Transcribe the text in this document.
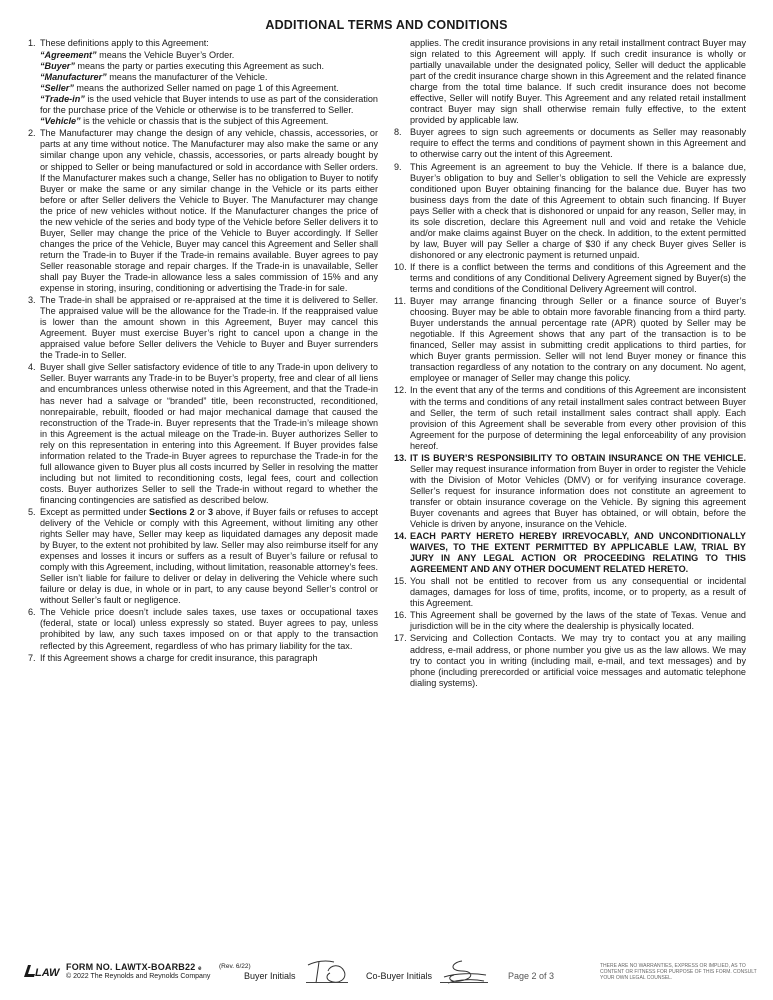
ADDITIONAL TERMS AND CONDITIONS
1. These definitions apply to this Agreement:
“Agreement” means the Vehicle Buyer’s Order.
“Buyer” means the party or parties executing this Agreement as such.
“Manufacturer” means the manufacturer of the Vehicle.
“Seller” means the authorized Seller named on page 1 of this Agreement.
“Trade-in” is the used vehicle that Buyer intends to use as part of the consideration for the purchase price of the Vehicle or otherwise is to be transferred to Seller.
“Vehicle” is the vehicle or chassis that is the subject of this Agreement.
2. The Manufacturer may change the design of any vehicle, chassis, accessories, or parts at any time without notice. The Manufacturer may also make the same or any similar change upon any vehicle, chassis, accessories, or parts already bought by or shipped to Seller or being manufactured or sold in accordance with Seller orders. If the Manufacturer makes such a change, Seller has no obligation to Buyer to notify Buyer or make the same or any similar change in the Vehicle or its parts either before or after Seller delivers the Vehicle to Buyer. The Manufacturer may change the price of new vehicles without notice. If the Manufacturer changes the price of the new vehicle of the series and body type of the Vehicle before Seller delivers it to Buyer, Seller may change the price of the Vehicle to Buyer accordingly. If Seller changes the price of the Vehicle, Buyer may cancel this Agreement and Seller shall return the Trade-in to Buyer if the Trade-in remains available. Buyer agrees to pay Seller reasonable storage and repair charges. If the Trade-in is unavailable, Seller shall pay Buyer the Trade-in allowance less a sales commission of 15% and any expense in storing, insuring, conditioning or advertising the Trade-in for sale.
3. The Trade-in shall be appraised or re-appraised at the time it is delivered to Seller. The appraised value will be the allowance for the Trade-in. If the reappraised value is lower than the amount shown in this Agreement, Buyer may cancel this Agreement. Buyer must exercise Buyer’s right to cancel upon a change in the appraised value before Seller delivers the Vehicle to Buyer and Buyer surrenders the Trade-in to Seller.
4. Buyer shall give Seller satisfactory evidence of title to any Trade-in upon delivery to Seller. Buyer warrants any Trade-in to be Buyer’s property, free and clear of all liens and encumbrances unless otherwise noted in this Agreement, and that the Trade-in has never had a salvage or “branded” title, been reconstructed, reconditioned, nonrepairable, rebuilt, flooded or had major mechanical damage that caused the reconstruction of the Trade-in. Buyer represents that the Trade-in’s mileage shown in this Agreement is the actual mileage on the Trade-in. Buyer authorizes Seller to rely on this representation in entering into this Agreement. If Buyer provides false information related to the Trade-in Buyer agrees to repurchase the Trade-in for the full allowance given to Buyer plus all costs incurred by Seller in resolving the matter including but not limited to reconditioning costs, legal fees, court and collection costs. Buyer authorizes Seller to sell the Trade-in without regard to whether the financing contingencies are satisfied as described below.
5. Except as permitted under Sections 2 or 3 above, if Buyer fails or refuses to accept delivery of the Vehicle or comply with this Agreement, without limiting any other rights Seller may have, Seller may keep as liquidated damages any deposit made by Buyer, to the extent not prohibited by law. Seller may also reimburse itself for any expenses and losses it incurs or suffers as a result of Buyer’s failure or refusal to comply with this Agreement, including, without limitation, reasonable attorney’s fees. Seller isn’t liable for failure to deliver or delay in delivering the Vehicle where such failure or delay is due, in whole or in part, to any cause beyond Seller’s control or without Seller’s fault or negligence.
6. The Vehicle price doesn’t include sales taxes, use taxes or occupational taxes (federal, state or local) unless expressly so stated. Buyer agrees to pay, unless prohibited by law, any such taxes imposed on or that apply to the transaction reflected by this Agreement, regardless of who has primary liability for the tax.
7. If this Agreement shows a charge for credit insurance, this paragraph
applies. The credit insurance provisions in any retail installment contract Buyer may sign related to this Agreement will apply. If such credit insurance is wholly or partially unavailable under the designated policy, Seller will deduct the applicable part of the credit insurance charge shown in this Agreement and the related finance charge from the total time balance. If such credit insurance does not become effective, Seller will notify Buyer. This Agreement and any related retail installment contract Buyer may sign shall otherwise remain fully effective, to the extent provided by applicable law.
8. Buyer agrees to sign such agreements or documents as Seller may reasonably require to effect the terms and conditions of payment shown in this Agreement and to otherwise carry out the intent of this Agreement.
9. This Agreement is an agreement to buy the Vehicle. If there is a balance due, Buyer’s obligation to buy and Seller’s obligation to sell the Vehicle are expressly conditioned upon Buyer obtaining financing for the balance due. Buyer has two business days from the date of this Agreement to obtain such financing. If Buyer pays Seller with a check that is dishonored or unpaid for any reason, Seller may, in its sole discretion, declare this Agreement null and void and retake the Vehicle and/or make claims against Buyer on the check. In addition, to the extent permitted by law, Buyer will pay Seller a charge of $30 if any check Buyer gives Seller is dishonored or any electronic payment is returned unpaid.
10. If there is a conflict between the terms and conditions of this Agreement and the terms and conditions of any Conditional Delivery Agreement signed by Buyer(s) the terms and conditions of the Conditional Delivery Agreement will control.
11. Buyer may arrange financing through Seller or a finance source of Buyer’s choosing. Buyer may be able to obtain more favorable financing from a third party. Buyer understands the annual percentage rate (APR) quoted by Seller may be negotiable. If this Agreement shows that any part of the transaction is to be financed, Seller may assist in submitting credit applications to third parties, for which Buyer grants permission. Seller will not lend Buyer money or finance this transaction regardless of any notation to the contrary on any document. No agent, employee or manager of Seller may change this policy.
12. In the event that any of the terms and conditions of this Agreement are inconsistent with the terms and conditions of any retail installment sales contract between Buyer and Seller, the term of such retail installment sales contract shall apply. Each provision of this Agreement shall be severable from every other provision of this Agreement for the purpose of determining the legal enforceability of any provision hereof.
13. IT IS BUYER’S RESPONSIBILITY TO OBTAIN INSURANCE ON THE VEHICLE. Seller may request insurance information from Buyer in order to register the Vehicle with the Division of Motor Vehicles (DMV) or for verifying insurance coverage. Seller’s request for insurance information does not constitute an agreement to transfer or obtain insurance coverage on the Vehicle. By signing this agreement Buyer covenants and agrees that Buyer has obtained, or will obtain, before the Vehicle is driven by anyone, insurance on the Vehicle.
14. EACH PARTY HERETO HEREBY IRREVOCABLY, AND UNCONDITIONALLY WAIVES, TO THE EXTENT PERMITTED BY APPLICABLE LAW, TRIAL BY JURY IN ANY LEGAL ACTION OR PROCEEDING RELATING TO THIS AGREEMENT AND ANY OTHER DOCUMENT RELATED HERETO.
15. You shall not be entitled to recover from us any consequential or incidental damages, damages for loss of time, profits, income, or to property, as a result of this Agreement.
16. This Agreement shall be governed by the laws of the state of Texas. Venue and jurisdiction will be in the city where the dealership is physically located.
17. Servicing and Collection Contacts. We may try to contact you at any mailing address, e-mail address, or phone number you give us as the law allows. We may try to contact you in writing (including mail, e-mail, and text messages) and by phone (including prerecorded or artificial voice messages and automatic telephone dialing systems).
LAW FORM NO. LAWTX-BOARB22 e	(Rev. 6/22)
© 2022 The Reynolds and Reynolds Company	Buyer Initials	Co-Buyer Initials	Page 2 of 3
THERE ARE NO WARRANTIES, EXPRESS OR IMPLIED, AS TO CONTENT OR FITNESS FOR PURPOSE OF THIS FORM. CONSULT YOUR OWN LEGAL COUNSEL.
